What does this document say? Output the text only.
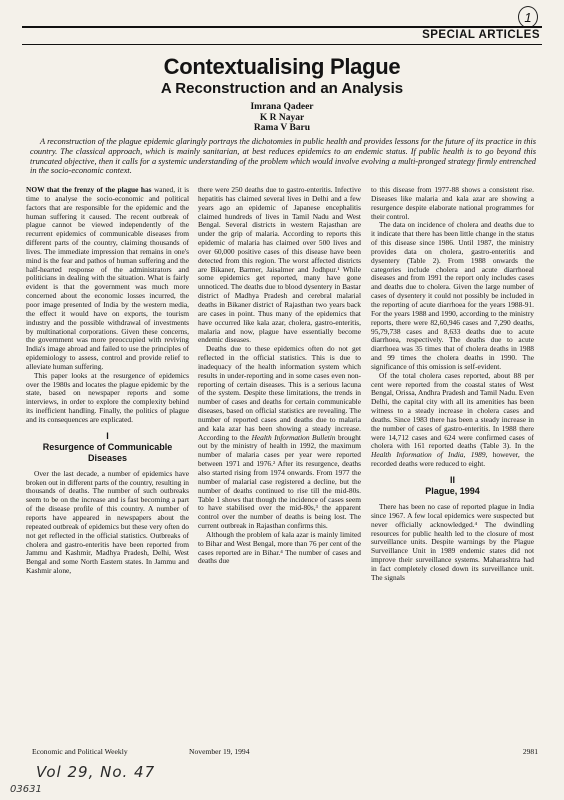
1
SPECIAL ARTICLES
Contextualising Plague
A Reconstruction and an Analysis
Imrana Qadeer
K R Nayar
Rama V Baru
A reconstruction of the plague epidemic glaringly portrays the dichotomies in public health and provides lessons for the future of its practice in this country. The classical approach, which is mainly sanitarian, at best reduces epidemics to an endemic status. If public health is to go beyond this truncated objective, then it calls for a systemic understanding of the problem which would involve evolving a multi-pronged strategy firmly entrenched in the socio-economic context.

NOW that the frenzy of the plague has waned, it is time to analyse the socio-economic and political factors that are responsible for the epidemic and the human suffering it caused. The recent outbreak of plague cannot be viewed independently of the recurrent epidemics of communicable diseases from different parts of the country, claiming thousands of lives. The immediate impression that remains in one's mind is the fear and pathos of human suffering and the half-hearted response of the administrators and politicians in dealing with the situation. What is fairly evident is that the government was much more concerned about the economic losses incurred, the poor image presented of India by the western media, the effect it would have on exports, the tourism industry and the possible withdrawal of investments by multinational corporations. Given these concerns, the government was more preoccupied with reviving India's image abroad and failed to use the principles of epidemiology to assess, control and provide relief to alleviate human suffering.

This paper looks at the resurgence of epidemics over the 1980s and locates the plague epidemic by the state, based on newspaper reports and some interviews, in order to explore the complexity behind its inefficient handling. Finally, the politics of plague and its consequences are explicated.

I
Resurgence of Communicable Diseases

Over the last decade, a number of epidemics have broken out in different parts of the country, resulting in thousands of deaths. The number of such outbreaks seem to be on the increase and is fast becoming a part of the disease profile of this country. A number of reports have appeared in newspapers about the repeated outbreak of epidemics but these very often do not get reflected in the official statistics. Outbreaks of cholera and gastro-enteritis have been reported from Jammu and Kashmir, Madhya Pradesh, Delhi, West Bengal and some North Eastern states. In Jammu and Kashmir alone,

there were 250 deaths due to gastro-enteritis. Infective hepatitis has claimed several lives in Delhi and a few years ago an epidemic of Japanese encephalitis claimed hundreds of lives in Tamil Nadu and West Bengal. Several districts in western Rajasthan are under the grip of malaria. According to reports this epidemic of malaria has claimed over 500 lives and over 60,000 positive cases of this disease have been detected from this region. The worst affected districts are Bikaner, Barmer, Jaisalmer and Jodhpur.¹ While some epidemics get reported, many have gone unnoticed. The deaths due to blood dysentery in Bastar district of Madhya Pradesh and cerebral malarial deaths in Bikaner district of Rajasthan two years back are cases in point. Thus many of the epidemics that have occurred like kala azar, cholera, gastro-enteritis, malaria and now, plague have essentially become endemic diseases.

Deaths due to these epidemics often do not get reflected in the official statistics. This is due to inadequacy of the health information system which results in under-reporting and in some cases even non-reporting of certain diseases. This is a serious lacuna of the system. Despite these limitations, the trends in number of cases and deaths for certain communicable diseases, based on official statistics are revealing. The number of reported cases and deaths due to malaria and kala azar has been showing a steady increase. According to the Health Information Bulletin brought out by the ministry of health in 1992, the maximum number of malaria cases per year were reported between 1971 and 1976.² After its resurgence, deaths also started rising from 1974 onwards. From 1977 the number of malarial case registered a decline, but the number of deaths continued to rise till the mid-80s. Table 1 shows that though the incidence of cases seem to have stabilised over the mid-80s,³ the apparent control over the number of deaths is being lost. The current outbreak in Rajasthan confirms this.

Although the problem of kala azar is mainly limited to Bihar and West Bengal, more than 76 per cent of the cases reported are in Bihar.⁴ The number of cases and deaths due

to this disease from 1977-88 shows a consistent rise. Diseases like malaria and kala azar are showing a resurgence despite elaborate national programmes for their control.

The data on incidence of cholera and deaths due to it indicate that there has been little change in the status of this disease since 1986. Until 1987, the ministry provides data on cholera, gastro-enteritis and dysentery (Table 2). From 1988 onwards the categories include cholera and acute diarrhoeal diseases and from 1991 the report only includes cases and deaths due to cholera. Given the large number of cases of dysentery it could not possibly be included in the reporting of acute diarrhoea for the years 1988-91. For the years 1988 and 1990, according to the ministry reports, there were 82,60,946 cases and 7,290 deaths, 95,79,738 cases and 8,633 deaths due to acute diarrhoea, respectively. The deaths due to acute diarrhoea was 35 times that of cholera deaths in 1988 and 99 times the cholera deaths in 1990. The significance of this omission is self-evident.

Of the total cholera cases reported, about 88 per cent were reported from the coastal states of West Bengal, Orissa, Andhra Pradesh and Tamil Nadu. Even Delhi, the capital city with all its amenities has been witness to a steady increase in cholera cases and deaths. Since 1983 there has been a steady increase in the number of cases of gastro-enteritis. In 1988 there were 14,712 cases and 624 were confirmed cases of cholera with 161 reported deaths (Table 3). In the Health Information of India, 1989, however, the recorded deaths were reduced to eight.

II
Plague, 1994

There has been no case of reported plague in India since 1967. A few local epidemics were suspected but never officially acknowledged.⁴ The dwindling resources for public health led to the closure of most surveillance units. Despite warnings by the Plague Surveillance Unit in 1989 endemic states did not improve their surveillance systems. Maharashtra had in fact completely closed down its surveillance unit. The signals

Economic and Political Weekly	November 19, 1994	2981
Vol 29, No. 47
03631
